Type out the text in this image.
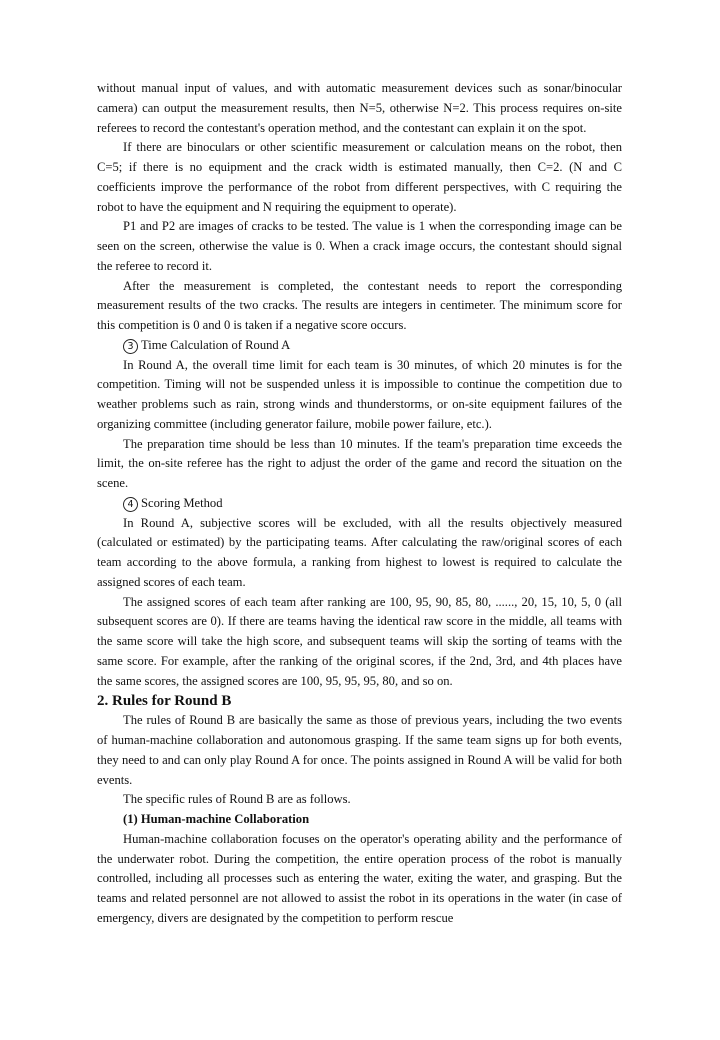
without manual input of values, and with automatic measurement devices such as sonar/binocular camera) can output the measurement results, then N=5, otherwise N=2. This process requires on-site referees to record the contestant's operation method, and the contestant can explain it on the spot.

If there are binoculars or other scientific measurement or calculation means on the robot, then C=5; if there is no equipment and the crack width is estimated manually, then C=2. (N and C coefficients improve the performance of the robot from different perspectives, with C requiring the robot to have the equipment and N requiring the equipment to operate).

P1 and P2 are images of cracks to be tested. The value is 1 when the corresponding image can be seen on the screen, otherwise the value is 0. When a crack image occurs, the contestant should signal the referee to record it.

After the measurement is completed, the contestant needs to report the corresponding measurement results of the two cracks. The results are integers in centimeter. The minimum score for this competition is 0 and 0 is taken if a negative score occurs.

3 Time Calculation of Round A

In Round A, the overall time limit for each team is 30 minutes, of which 20 minutes is for the competition. Timing will not be suspended unless it is impossible to continue the competition due to weather problems such as rain, strong winds and thunderstorms, or on-site equipment failures of the organizing committee (including generator failure, mobile power failure, etc.).

The preparation time should be less than 10 minutes. If the team's preparation time exceeds the limit, the on-site referee has the right to adjust the order of the game and record the situation on the scene.

4 Scoring Method

In Round A, subjective scores will be excluded, with all the results objectively measured (calculated or estimated) by the participating teams. After calculating the raw/original scores of each team according to the above formula, a ranking from highest to lowest is required to calculate the assigned scores of each team.

The assigned scores of each team after ranking are 100, 95, 90, 85, 80, ......, 20, 15, 10, 5, 0 (all subsequent scores are 0). If there are teams having the identical raw score in the middle, all teams with the same score will take the high score, and subsequent teams will skip the sorting of teams with the same score. For example, after the ranking of the original scores, if the 2nd, 3rd, and 4th places have the same scores, the assigned scores are 100, 95, 95, 95, 80, and so on.

2. Rules for Round B

The rules of Round B are basically the same as those of previous years, including the two events of human-machine collaboration and autonomous grasping. If the same team signs up for both events, they need to and can only play Round A for once. The points assigned in Round A will be valid for both events.

The specific rules of Round B are as follows.

(1) Human-machine Collaboration

Human-machine collaboration focuses on the operator's operating ability and the performance of the underwater robot. During the competition, the entire operation process of the robot is manually controlled, including all processes such as entering the water, exiting the water, and grasping. But the teams and related personnel are not allowed to assist the robot in its operations in the water (in case of emergency, divers are designated by the competition to perform rescue
